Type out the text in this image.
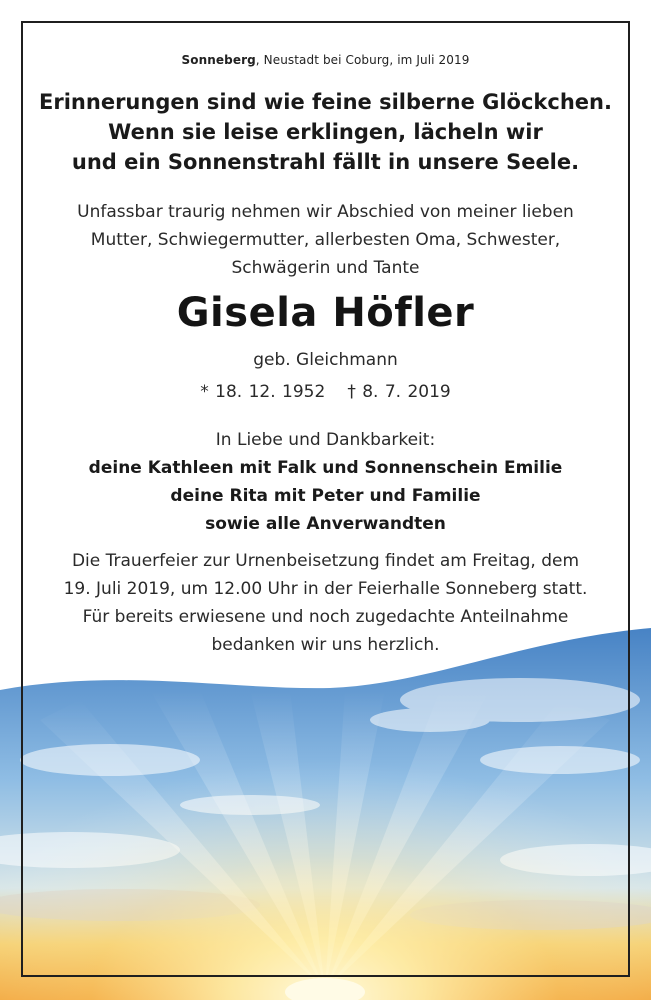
Sonneberg, Neustadt bei Coburg, im Juli 2019
Erinnerungen sind wie feine silberne Glöckchen.
Wenn sie leise erklingen, lächeln wir
und ein Sonnenstrahl fällt in unsere Seele.
Unfassbar traurig nehmen wir Abschied von meiner lieben
Mutter, Schwiegermutter, allerbesten Oma, Schwester,
Schwägerin und Tante
Gisela Höfler
geb. Gleichmann
* 18. 12. 1952 † 8. 7. 2019
In Liebe und Dankbarkeit:
deine Kathleen mit Falk und Sonnenschein Emilie
deine Rita mit Peter und Familie
sowie alle Anverwandten
Die Trauerfeier zur Urnenbeisetzung findet am Freitag, dem
19. Juli 2019, um 12.00 Uhr in der Feierhalle Sonneberg statt.
Für bereits erwiesene und noch zugedachte Anteilnahme
bedanken wir uns herzlich.
